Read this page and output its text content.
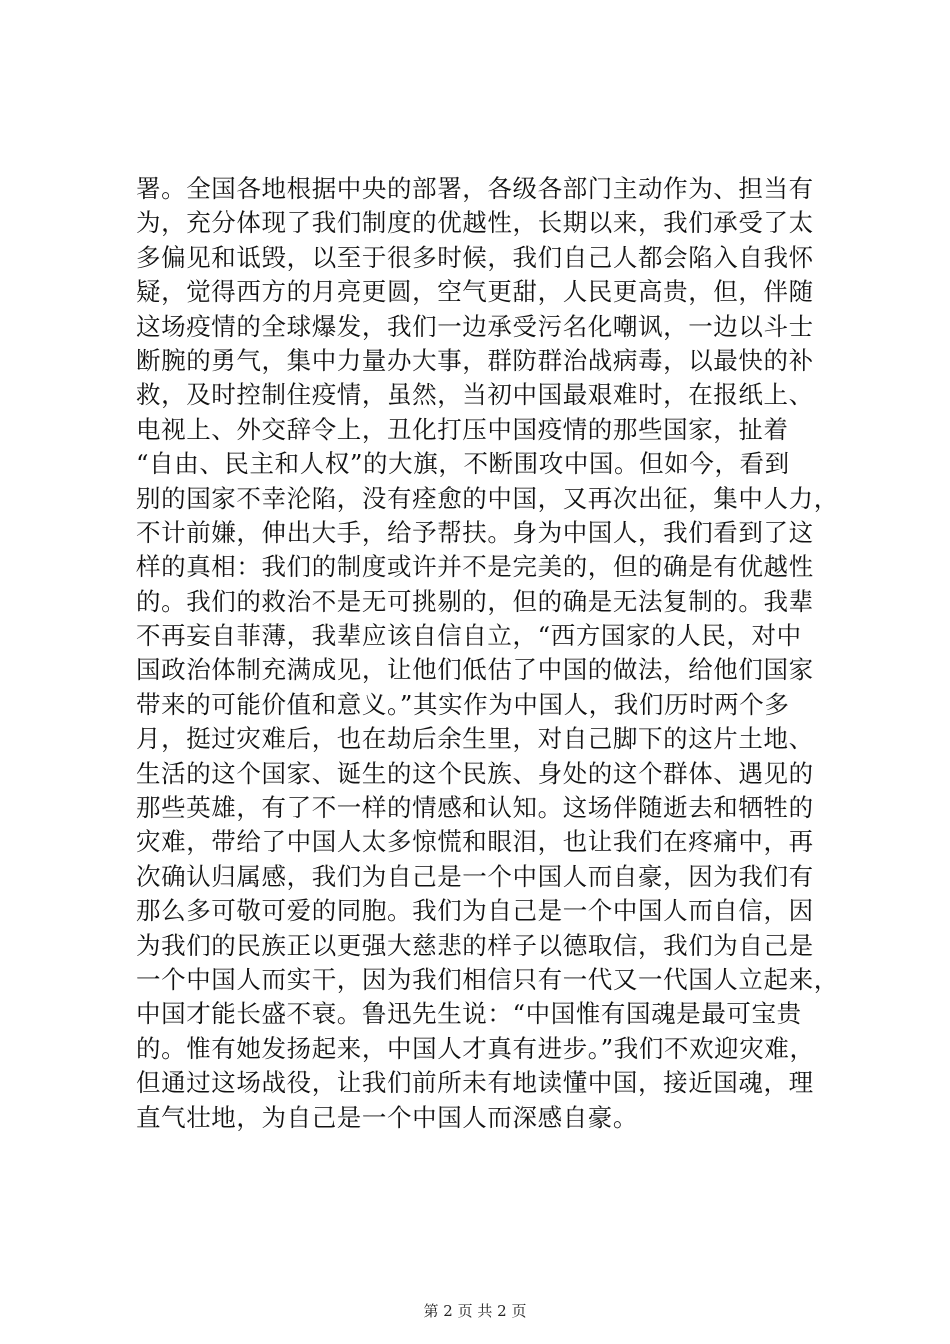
署。全国各地根据中央的部署，各级各部门主动作为、担当有
为，充分体现了我们制度的优越性，长期以来，我们承受了太
多偏见和诋毁，以至于很多时候，我们自己人都会陷入自我怀
疑，觉得西方的月亮更圆，空气更甜，人民更高贵，但，伴随
这场疫情的全球爆发，我们一边承受污名化嘲讽，一边以斗士
断腕的勇气，集中力量办大事，群防群治战病毒，以最快的补
救，及时控制住疫情，虽然，当初中国最艰难时，在报纸上、
电视上、外交辞令上，丑化打压中国疫情的那些国家，扯着
“自由、民主和人权”的大旗，不断围攻中国。但如今，看到
别的国家不幸沦陷，没有痊愈的中国，又再次出征，集中人力，
不计前嫌，伸出大手，给予帮扶。身为中国人，我们看到了这
样的真相：我们的制度或许并不是完美的，但的确是有优越性
的。我们的救治不是无可挑剔的，但的确是无法复制的。我辈
不再妄自菲薄，我辈应该自信自立，“西方国家的人民，对中
国政治体制充满成见，让他们低估了中国的做法，给他们国家
带来的可能价值和意义。”其实作为中国人，我们历时两个多
月，挺过灾难后，也在劫后余生里，对自己脚下的这片土地、
生活的这个国家、诞生的这个民族、身处的这个群体、遇见的
那些英雄，有了不一样的情感和认知。这场伴随逝去和牺牲的
灾难，带给了中国人太多惊慌和眼泪，也让我们在疼痛中，再
次确认归属感，我们为自己是一个中国人而自豪，因为我们有
那么多可敬可爱的同胞。我们为自己是一个中国人而自信，因
为我们的民族正以更强大慈悲的样子以德取信，我们为自己是
一个中国人而实干，因为我们相信只有一代又一代国人立起来，
中国才能长盛不衰。鲁迅先生说：“中国惟有国魂是最可宝贵
的。惟有她发扬起来，中国人才真有进步。”我们不欢迎灾难，
但通过这场战役，让我们前所未有地读懂中国，接近国魂，理
直气壮地，为自己是一个中国人而深感自豪。
第 2 页 共 2 页
